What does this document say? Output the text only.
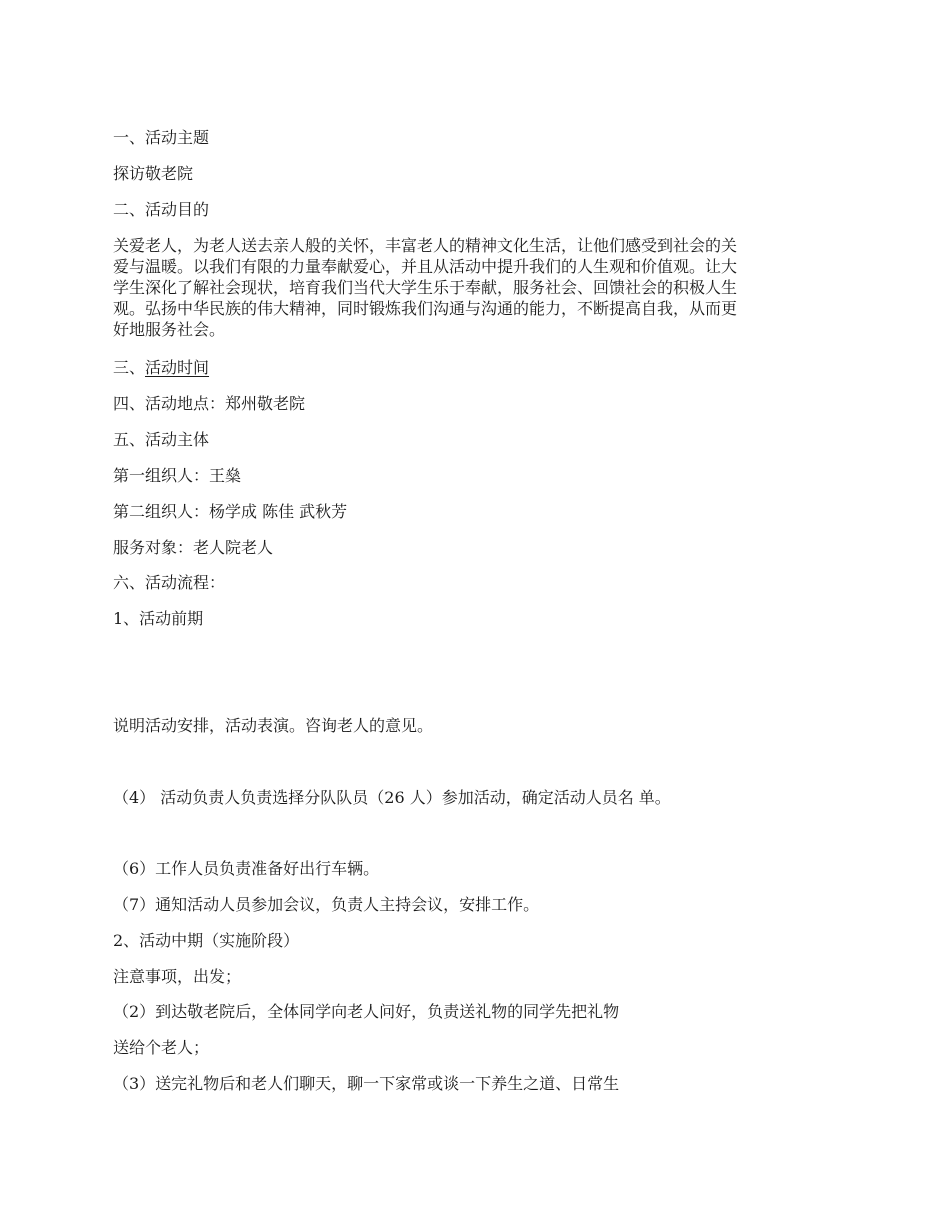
一、活动主题
探访敬老院
二、活动目的
关爱老人，为老人送去亲人般的关怀，丰富老人的精神文化生活，让他们感受到社会的关
爱与温暖。以我们有限的力量奉献爱心，并且从活动中提升我们的人生观和价值观。让大
学生深化了解社会现状，培育我们当代大学生乐于奉献，服务社会、回馈社会的积极人生
观。弘扬中华民族的伟大精神，同时锻炼我们沟通与沟通的能力，不断提高自我，从而更
好地服务社会。
三、活动时间
四、活动地点：郑州敬老院
五、活动主体
第一组织人：王燊
第二组织人：杨学成 陈佳 武秋芳
服务对象：老人院老人
六、活动流程：
1、活动前期
说明活动安排，活动表演。咨询老人的意见。
（4） 活动负责人负责选择分队队员（26 人）参加活动，确定活动人员名 单。
（6）工作人员负责准备好出行车辆。
（7）通知活动人员参加会议，负责人主持会议，安排工作。
2、活动中期（实施阶段）
注意事项，出发；
（2）到达敬老院后，全体同学向老人问好，负责送礼物的同学先把礼物
送给个老人；
（3）送完礼物后和老人们聊天，聊一下家常或谈一下养生之道、日常生
